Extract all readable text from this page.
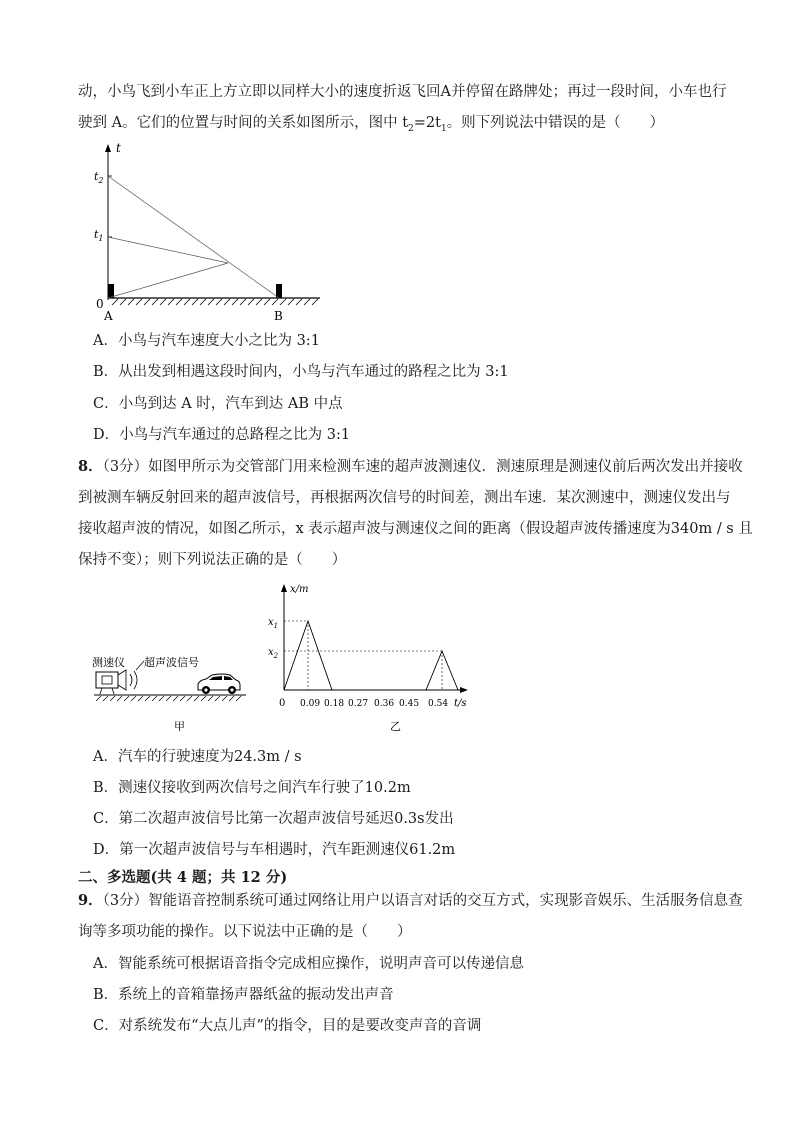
动，小鸟飞到小车正上方立即以同样大小的速度折返飞回A并停留在路牌处；再过一段时间，小车也行
驶到 A。它们的位置与时间的关系如图所示，图中 $t_2=2t_1$。则下列说法中错误的是（　　）
t
$t_2$
$t_1$
0
A	B
A．小鸟与汽车速度大小之比为 3:1
B．从出发到相遇这段时间内，小鸟与汽车通过的路程之比为 3:1
C．小鸟到达 A 时，汽车到达 AB 中点
D．小鸟与汽车通过的总路程之比为 3:1
8．（3分）如图甲所示为交管部门用来检测车速的超声波测速仪．测速原理是测速仪前后两次发出并接收
到被测车辆反射回来的超声波信号，再根据两次信号的时间差，测出车速．某次测速中，测速仪发出与
接收超声波的情况，如图乙所示，x 表示超声波与测速仪之间的距离（假设超声波传播速度为340m / s 且
保持不变）；则下列说法正确的是（　　）
测速仪 超声波信号
甲
x/m
$x_1$
$x_2$
0 0.09 0.18 0.27 0.36 0.45 0.54 t/s
乙
A．汽车的行驶速度为24.3m / s
B．测速仪接收到两次信号之间汽车行驶了10.2m
C．第二次超声波信号比第一次超声波信号延迟0.3s发出
D．第一次超声波信号与车相遇时，汽车距测速仪61.2m
二、多选题(共 4 题；共 12 分)
9．（3分）智能语音控制系统可通过网络让用户以语言对话的交互方式，实现影音娱乐、生活服务信息查
询等多项功能的操作。以下说法中正确的是（　　）
A．智能系统可根据语音指令完成相应操作，说明声音可以传递信息
B．系统上的音箱靠扬声器纸盆的振动发出声音
C．对系统发布“大点儿声”的指令，目的是要改变声音的音调
